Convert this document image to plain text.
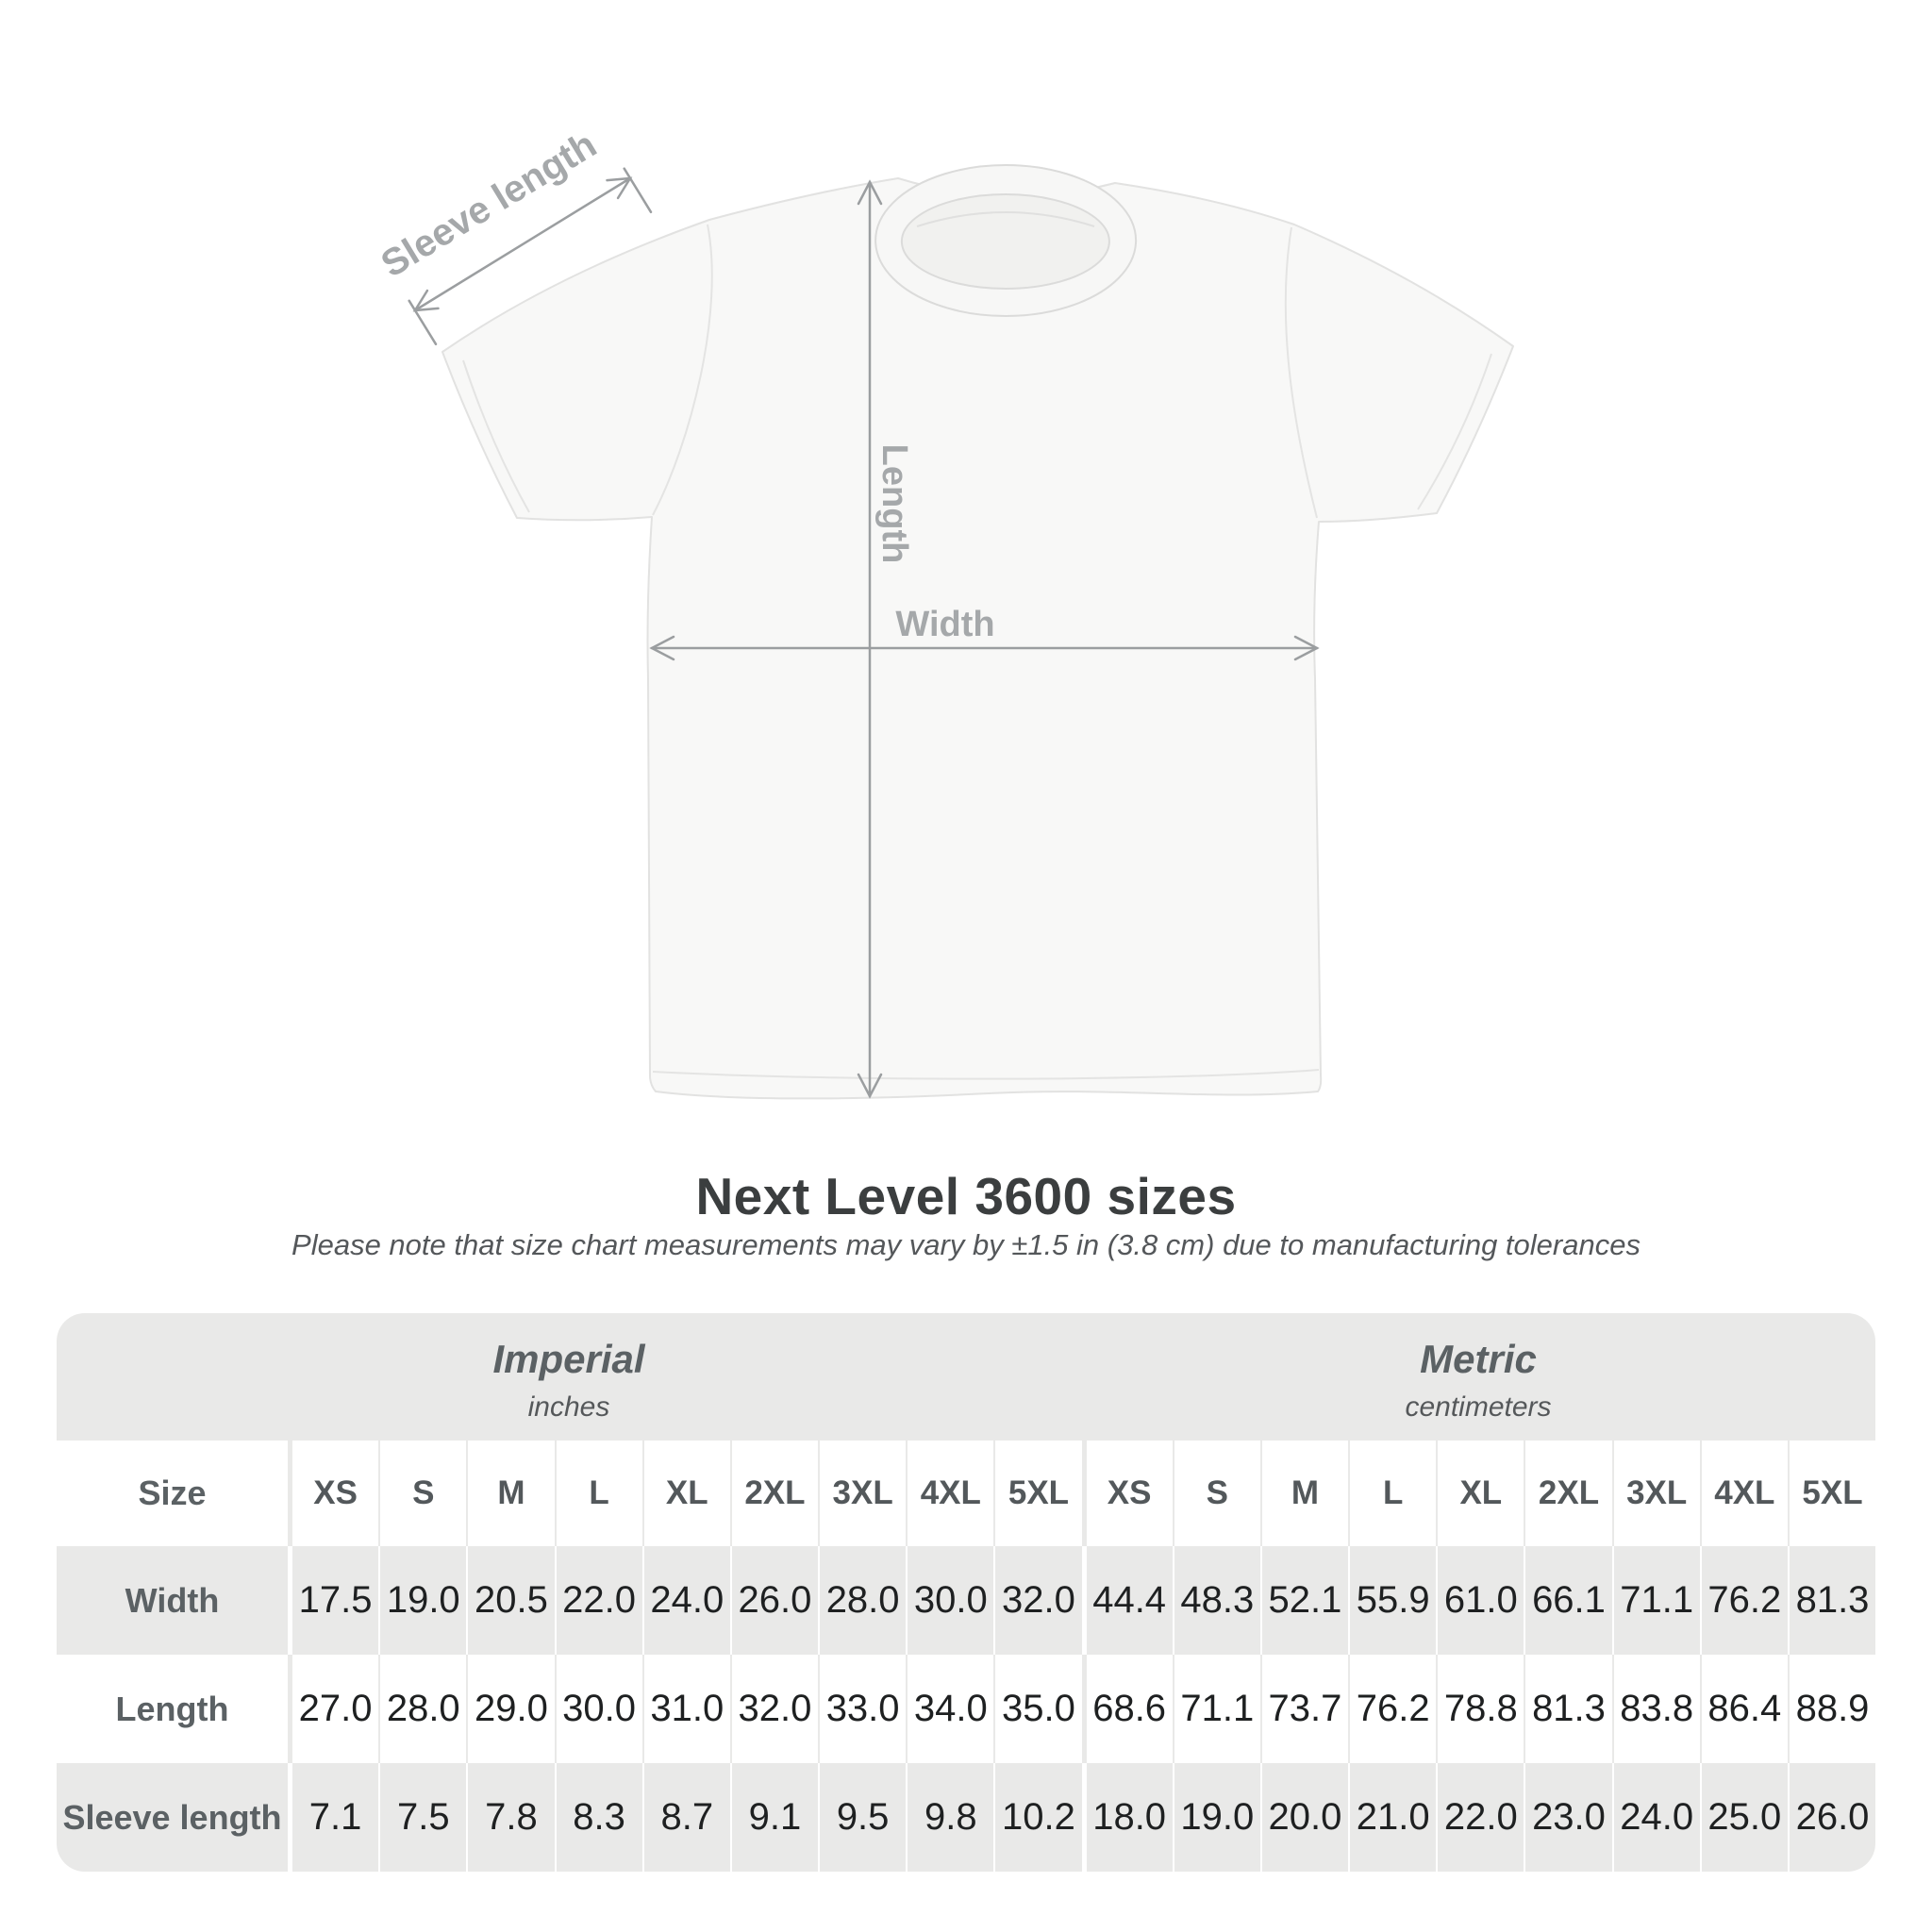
Sleeve length
Length
Width
Next Level 3600 sizes
Please note that size chart measurements may vary by ±1.5 in (3.8 cm) due to manufacturing tolerances
Imperial
inches
Metric
centimeters
Size	XS	S	M	L	XL	2XL 3XL 4XL 5XL	XS	S	M	L	XL	2XL 3XL 4XL 5XL
Width	17.5 19.0 20.5 22.0 24.0 26.0 28.0 30.0 32.0 44.4 48.3 52.1 55.9 61.0 66.1 71.1 76.2 81.3
Length	27.0 28.0 29.0 30.0 31.0 32.0 33.0 34.0 35.0 68.6 71.1 73.7 76.2 78.8 81.3 83.8 86.4 88.9
Sleeve length 7.1 7.5 7.8 8.3 8.7 9.1 9.5 9.8 10.2 18.0 19.0 20.0 21.0 22.0 23.0 24.0 25.0 26.0
